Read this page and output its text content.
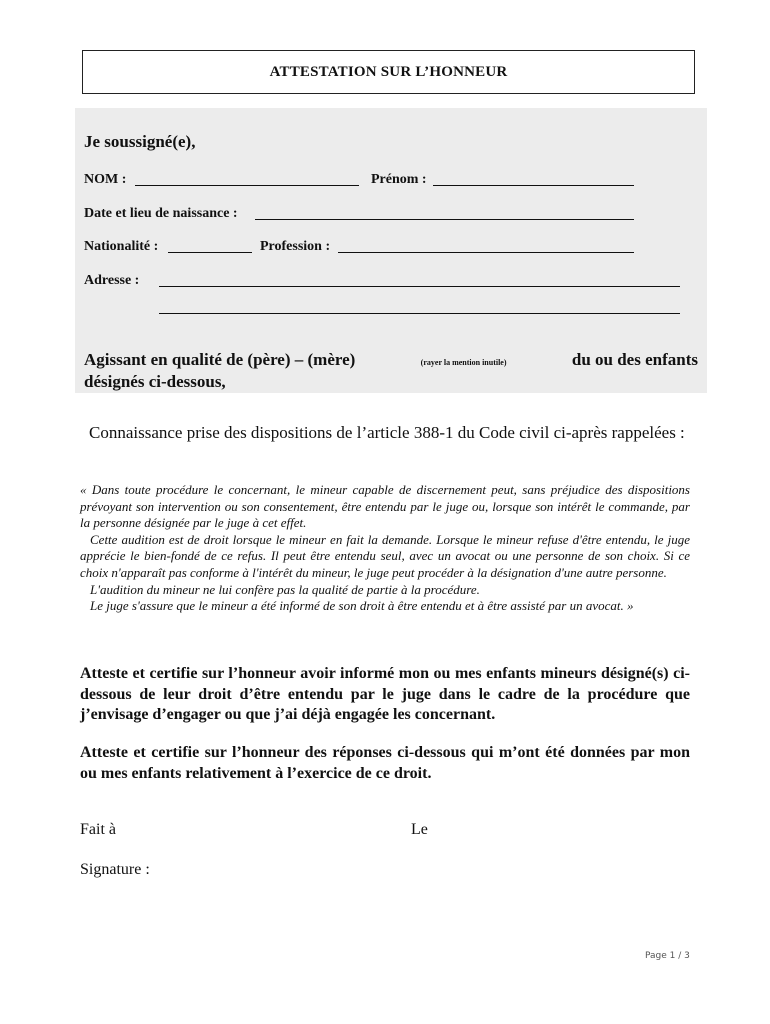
ATTESTATION SUR L’HONNEUR
Je soussigné(e),
NOM :	Prénom :
Date et lieu de naissance :
Nationalité :	Profession :
Adresse :
Agissant en qualité de (père) – (mère)	(rayer la mention inutile)	du ou des enfants
désignés ci-dessous,
Connaissance prise des dispositions de l’article 388-1 du Code civil ci-après rappelées :

« Dans toute procédure le concernant, le mineur capable de discernement peut, sans préjudice des dispositions prévoyant son intervention ou son consentement, être entendu par le juge ou, lorsque son intérêt le commande, par la personne désignée par le juge à cet effet.

Cette audition est de droit lorsque le mineur en fait la demande. Lorsque le mineur refuse d'être entendu, le juge apprécie le bien-fondé de ce refus. Il peut être entendu seul, avec un avocat ou une personne de son choix. Si ce choix n'apparaît pas conforme à l'intérêt du mineur, le juge peut procéder à la désignation d'une autre personne.

L'audition du mineur ne lui confère pas la qualité de partie à la procédure.

Le juge s'assure que le mineur a été informé de son droit à être entendu et à être assisté par un avocat. »

Atteste et certifie sur l’honneur avoir informé mon ou mes enfants mineurs désigné(s) ci-dessous de leur droit d’être entendu par le juge dans le cadre de la procédure que j’envisage d’engager ou que j’ai déjà engagée les concernant.
Atteste et certifie sur l’honneur des réponses ci-dessous qui m’ont été données par mon ou mes enfants relativement à l’exercice de ce droit.
Fait à	Le
Signature :
Page 1 / 3
